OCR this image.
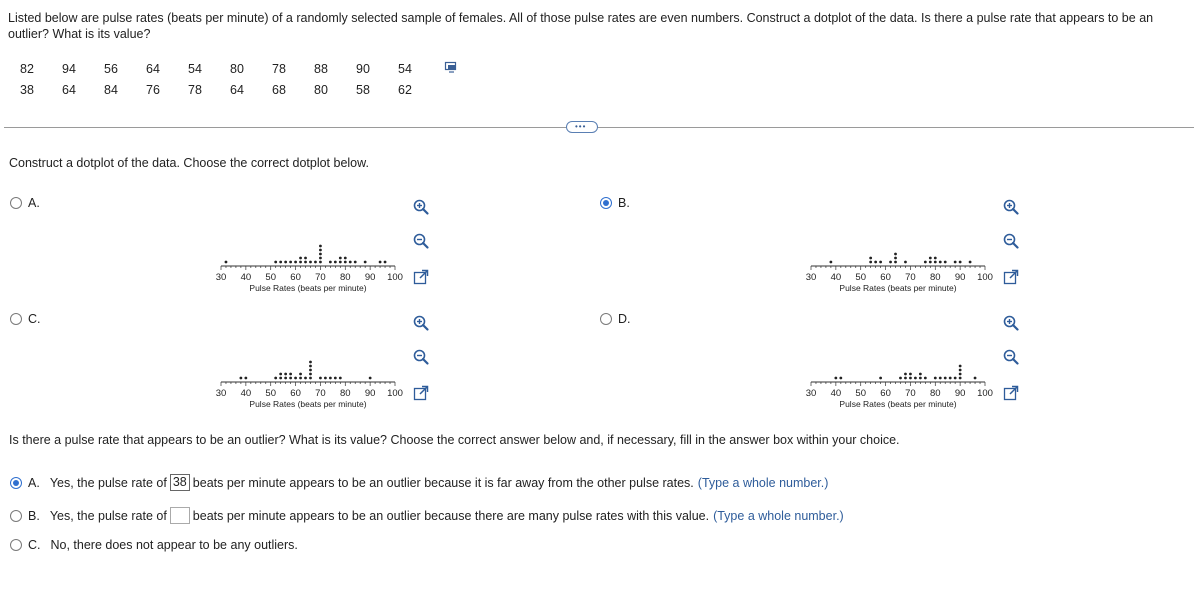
Listed below are pulse rates (beats per minute) of a randomly selected sample of females. All of those pulse rates are even numbers. Construct a dotplot of the data. Is there a pulse rate that appears to be an outlier? What is its value?
82	94	56	64	54	80	78	88	90	54
38	64	84	76	78	64	68	80	58	62
•••
Construct a dotplot of the data. Choose the correct dotplot below.
A.	B.
C.	D.
30 40 50 60 70 80 90 100
Pulse Rates (beats per minute)
30 40 50 60 70 80 90 100
Pulse Rates (beats per minute)
30 40 50 60 70 80 90 100
Pulse Rates (beats per minute)
30 40 50 60 70 80 90 100
Pulse Rates (beats per minute)
Is there a pulse rate that appears to be an outlier? What is its value? Choose the correct answer below and, if necessary, fill in the answer box within your choice.
A. Yes, the pulse rate of 38 beats per minute appears to be an outlier because it is far away from the other pulse rates. (Type a whole number.)
B. Yes, the pulse rate of beats per minute appears to be an outlier because there are many pulse rates with this value. (Type a whole number.)
C. No, there does not appear to be any outliers.
